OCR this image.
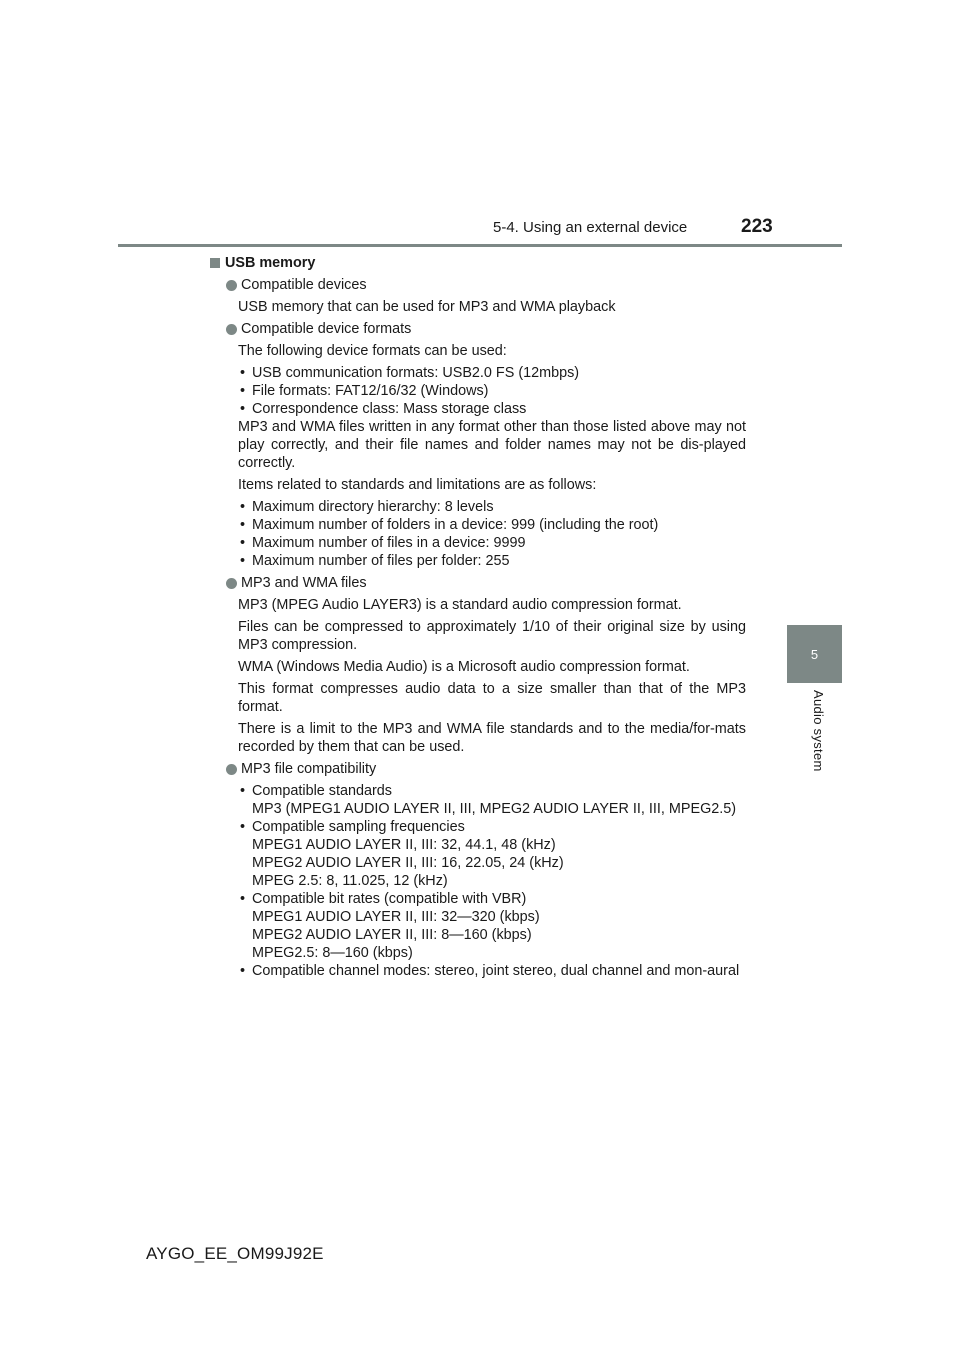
5-4. Using an external device	223
5
Audio system
USB memory
Compatible devices
USB memory that can be used for MP3 and WMA playback
Compatible device formats
The following device formats can be used:
• USB communication formats: USB2.0 FS (12mbps)
• File formats: FAT12/16/32 (Windows)
• Correspondence class: Mass storage class
MP3 and WMA files written in any format other than those listed above may not play correctly, and their file names and folder names may not be dis-played correctly.
Items related to standards and limitations are as follows:
• Maximum directory hierarchy: 8 levels
• Maximum number of folders in a device: 999 (including the root)
• Maximum number of files in a device: 9999
• Maximum number of files per folder: 255
MP3 and WMA files
MP3 (MPEG Audio LAYER3) is a standard audio compression format.
Files can be compressed to approximately 1/10 of their original size by using MP3 compression.
WMA (Windows Media Audio) is a Microsoft audio compression format.
This format compresses audio data to a size smaller than that of the MP3 format.
There is a limit to the MP3 and WMA file standards and to the media/for-mats recorded by them that can be used.
MP3 file compatibility
• Compatible standards
MP3 (MPEG1 AUDIO LAYER II, III, MPEG2 AUDIO LAYER II, III, MPEG2.5)
• Compatible sampling frequencies
MPEG1 AUDIO LAYER II, III: 32, 44.1, 48 (kHz)
MPEG2 AUDIO LAYER II, III: 16, 22.05, 24 (kHz)
MPEG 2.5: 8, 11.025, 12 (kHz)
• Compatible bit rates (compatible with VBR)
MPEG1 AUDIO LAYER II, III: 32—320 (kbps)
MPEG2 AUDIO LAYER II, III: 8—160 (kbps)
MPEG2.5: 8—160 (kbps)
• Compatible channel modes: stereo, joint stereo, dual channel and mon-aural
AYGO_EE_OM99J92E
